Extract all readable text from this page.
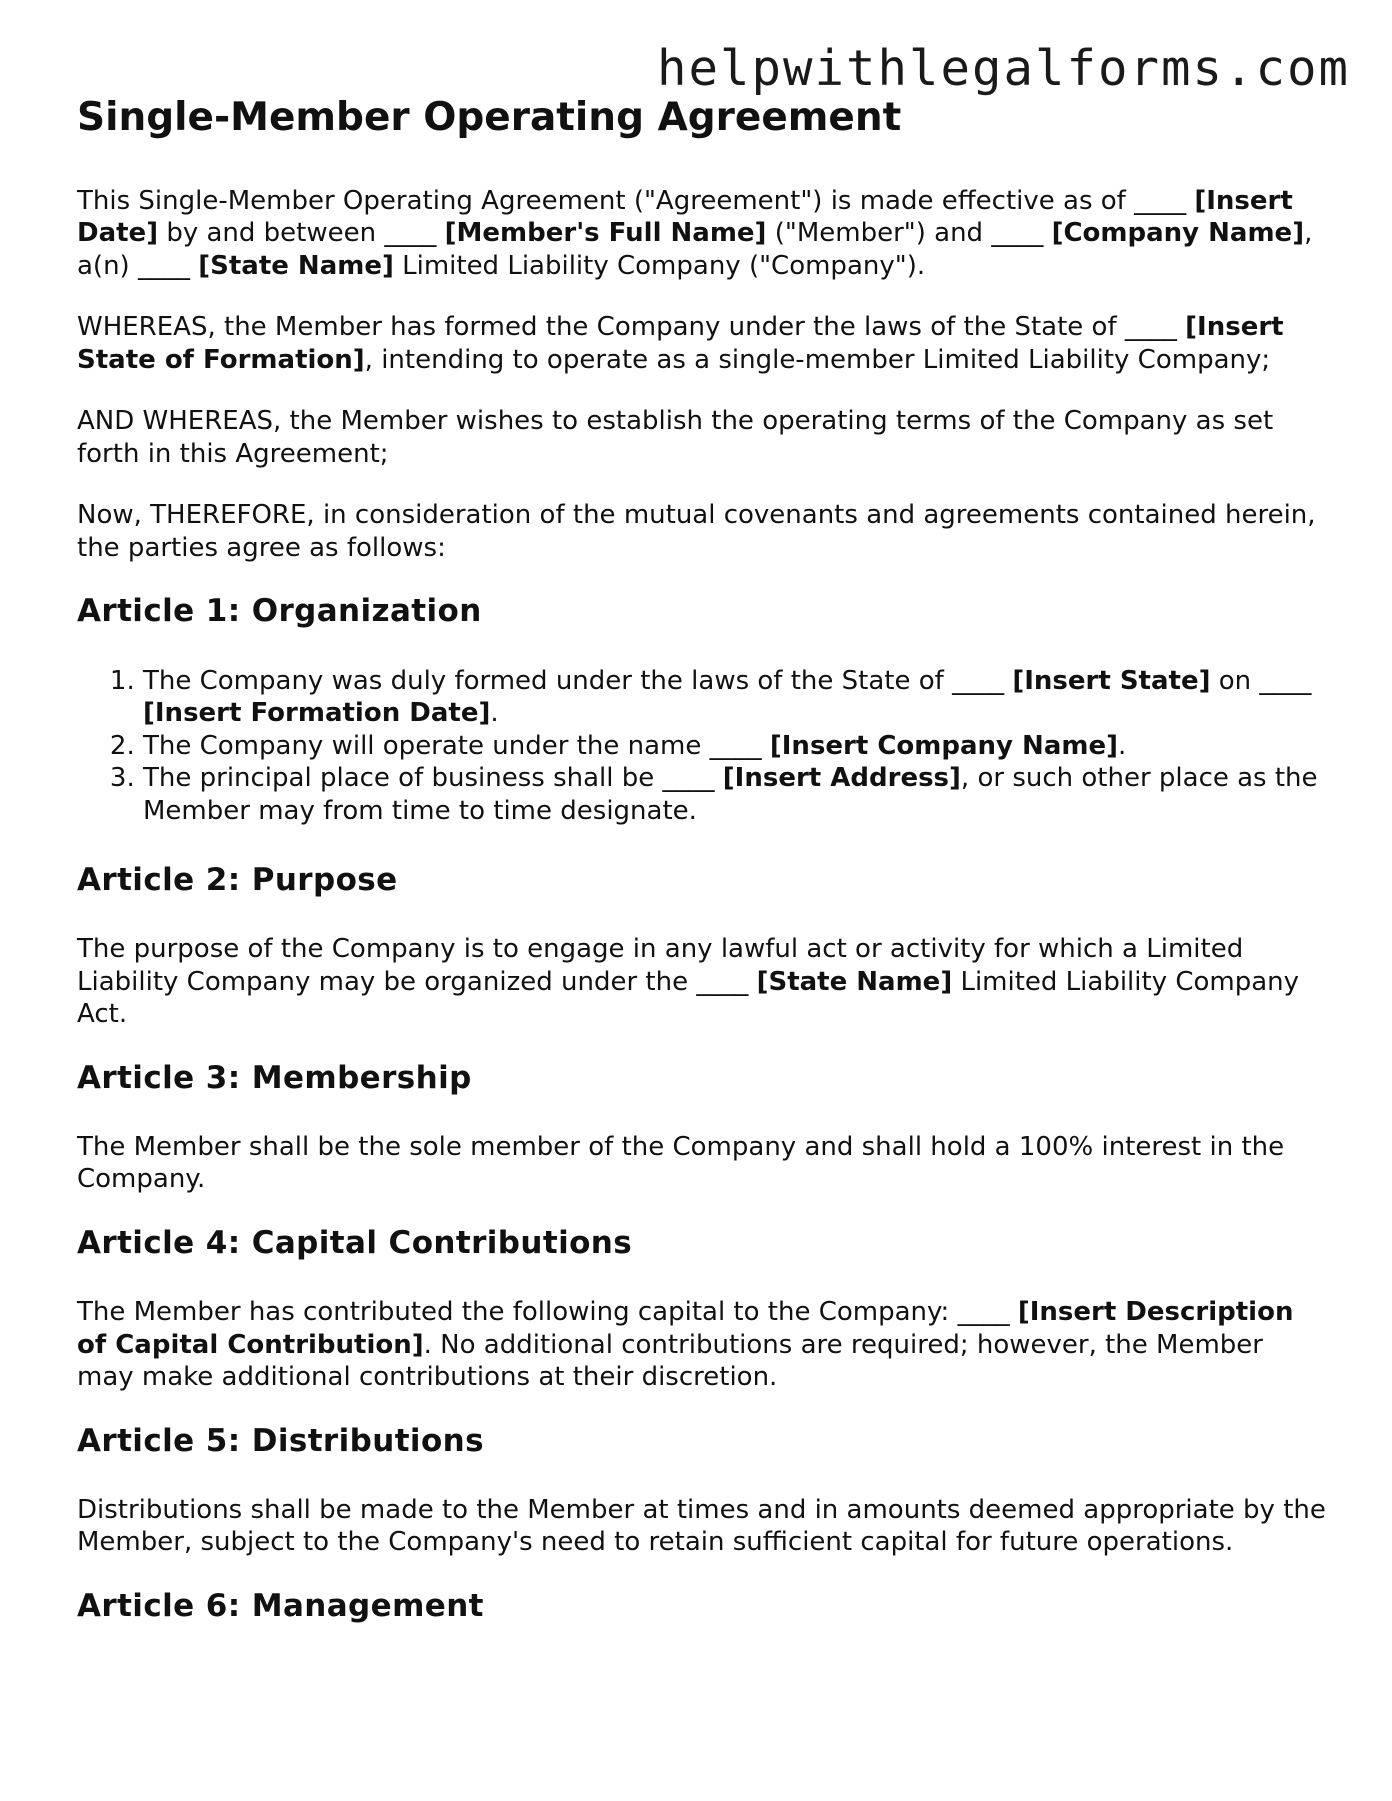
helpwithlegalforms.com
Single-Member Operating Agreement

This Single-Member Operating Agreement ("Agreement") is made effective as of ____ [Insert Date] by and between ____ [Member's Full Name] ("Member") and ____ [Company Name], a(n) ____ [State Name] Limited Liability Company ("Company").

WHEREAS, the Member has formed the Company under the laws of the State of ____ [Insert State of Formation], intending to operate as a single-member Limited Liability Company;

AND WHEREAS, the Member wishes to establish the operating terms of the Company as set forth in this Agreement;

Now, THEREFORE, in consideration of the mutual covenants and agreements contained herein, the parties agree as follows:

Article 1: Organization
1. The Company was duly formed under the laws of the State of ____ [Insert State] on ____ [Insert Formation Date].
2. The Company will operate under the name ____ [Insert Company Name].
3. The principal place of business shall be ____ [Insert Address], or such other place as the Member may from time to time designate.
Article 2: Purpose

The purpose of the Company is to engage in any lawful act or activity for which a Limited Liability Company may be organized under the ____ [State Name] Limited Liability Company Act.

Article 3: Membership

The Member shall be the sole member of the Company and shall hold a 100% interest in the Company.

Article 4: Capital Contributions

The Member has contributed the following capital to the Company: ____ [Insert Description of Capital Contribution]. No additional contributions are required; however, the Member may make additional contributions at their discretion.

Article 5: Distributions

Distributions shall be made to the Member at times and in amounts deemed appropriate by the Member, subject to the Company's need to retain sufficient capital for future operations.

Article 6: Management
